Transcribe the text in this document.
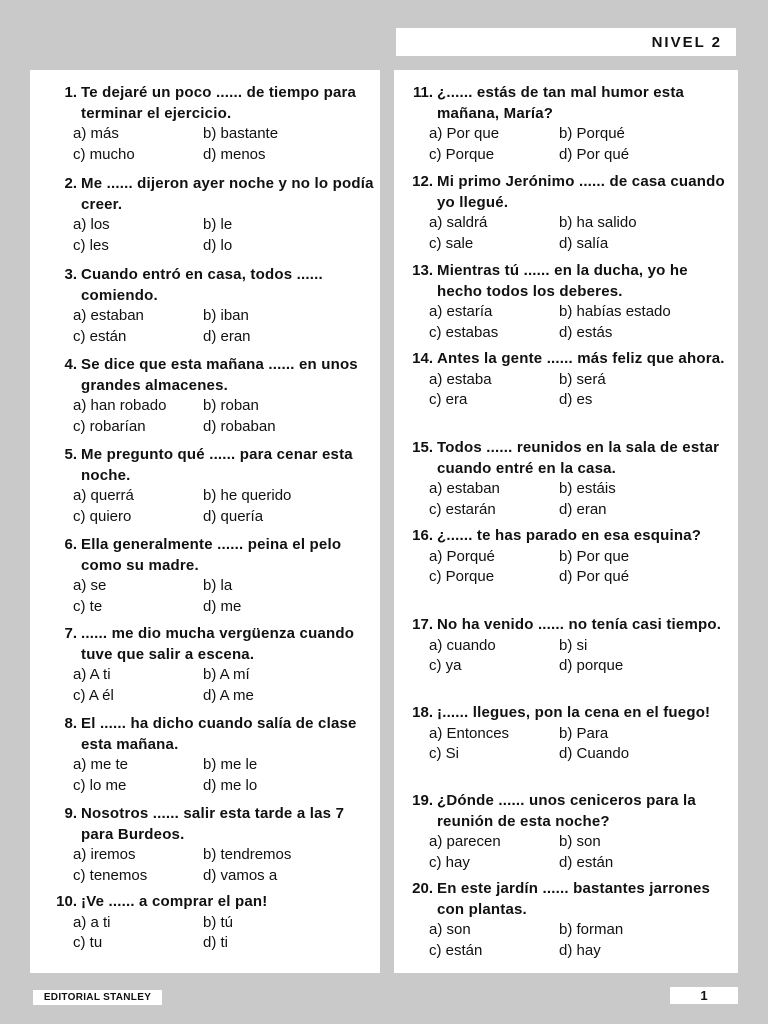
NIVEL 2
1. Te dejaré un poco ...... de tiempo para terminar el ejercicio.
a) más	b) bastante
c) mucho	d) menos
2. Me ...... dijeron ayer noche y no lo podía creer.
a) los	b) le
c) les	d) lo
3. Cuando entró en casa, todos ...... comiendo.
a) estaban	b) iban
c) están	d) eran
4. Se dice que esta mañana ...... en unos grandes almacenes.
a) han robado	b) roban
c) robarían	d) robaban
5. Me pregunto qué ...... para cenar esta noche.
a) querrá	b) he querido
c) quiero	d) quería
6. Ella generalmente ...... peina el pelo como su madre.
a) se	b) la
c) te	d) me
7. ...... me dio mucha vergüenza cuando tuve que salir a escena.
a) A ti	b) A mí
c) A él	d) A me
8. El ...... ha dicho cuando salía de clase esta mañana.
a) me te	b) me le
c) lo me	d) me lo
9. Nosotros ...... salir esta tarde a las 7 para Burdeos.
a) iremos	b) tendremos
c) tenemos	d) vamos a
10. ¡Ve ...... a comprar el pan!
a) a ti	b) tú
c) tu	d) ti
11. ¿...... estás de tan mal humor esta mañana, María?
a) Por que	b) Porqué
c) Porque	d) Por qué
12. Mi primo Jerónimo ...... de casa cuando yo llegué.
a) saldrá	b) ha salido
c) sale	d) salía
13. Mientras tú ...... en la ducha, yo he hecho todos los deberes.
a) estaría	b) habías estado
c) estabas	d) estás
14. Antes la gente ...... más feliz que ahora.
a) estaba	b) será
c) era	d) es
15. Todos ...... reunidos en la sala de estar cuando entré en la casa.
a) estaban	b) estáis
c) estarán	d) eran
16. ¿...... te has parado en esa esquina?
a) Porqué	b) Por que
c) Porque	d) Por qué
17. No ha venido ...... no tenía casi tiempo.
a) cuando	b) si
c) ya	d) porque
18. ¡...... llegues, pon la cena en el fuego!
a) Entonces	b) Para
c) Si	d) Cuando
19. ¿Dónde ...... unos ceniceros para la reunión de esta noche?
a) parecen	b) son
c) hay	d) están
20. En este jardín ...... bastantes jarrones con plantas.
a) son	b) forman
c) están	d) hay
EDITORIAL STANLEY	1
